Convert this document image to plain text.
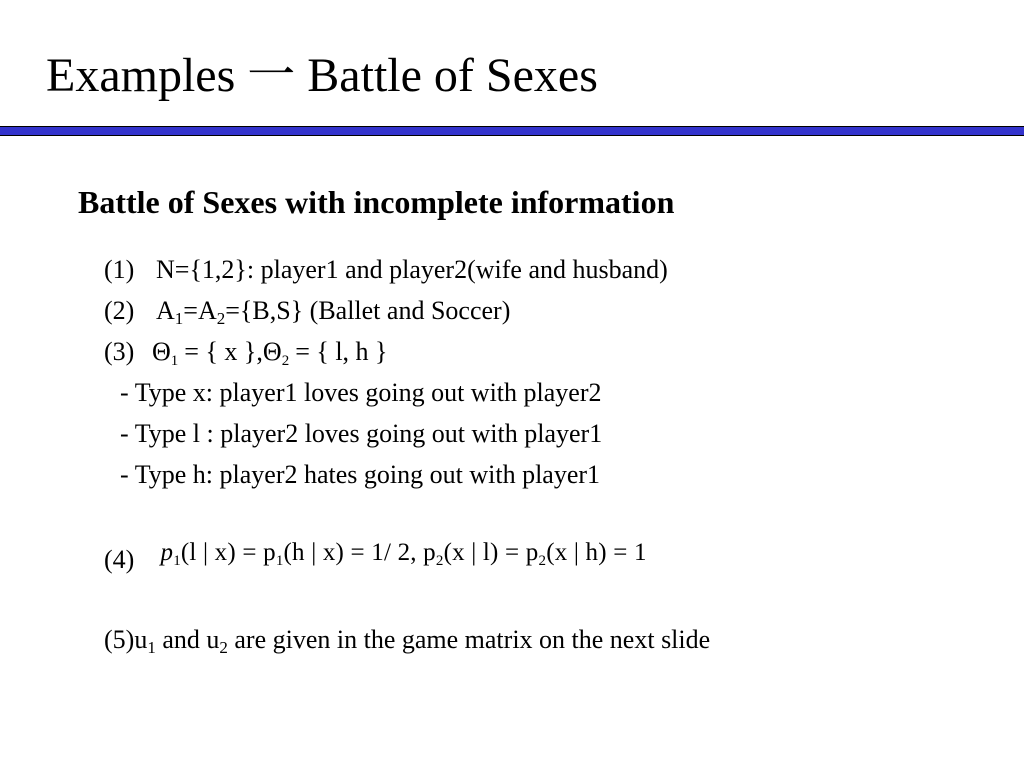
Examples 一 Battle of Sexes
Battle of Sexes with incomplete information
(1) N={1,2}: player1 and player2(wife and husband)
(2) $A_1=A_2=\{B,S\}$ (Ballet and Soccer)
(3) $\Theta_1$ = { x }$,\Theta_2$ = { l, h }
- Type x: player1 loves going out with player2
- Type l : player2 loves going out with player1
- Type h: player2 hates going out with player1
(4) $p_1(l$ | $x) = p_1(h$ | x) = 1/ 2, $p_2(x$ | $l) = p_2(x$ | h) = 1
$(5)u_1$ and $u_2$ are given in the game matrix on the next slide
